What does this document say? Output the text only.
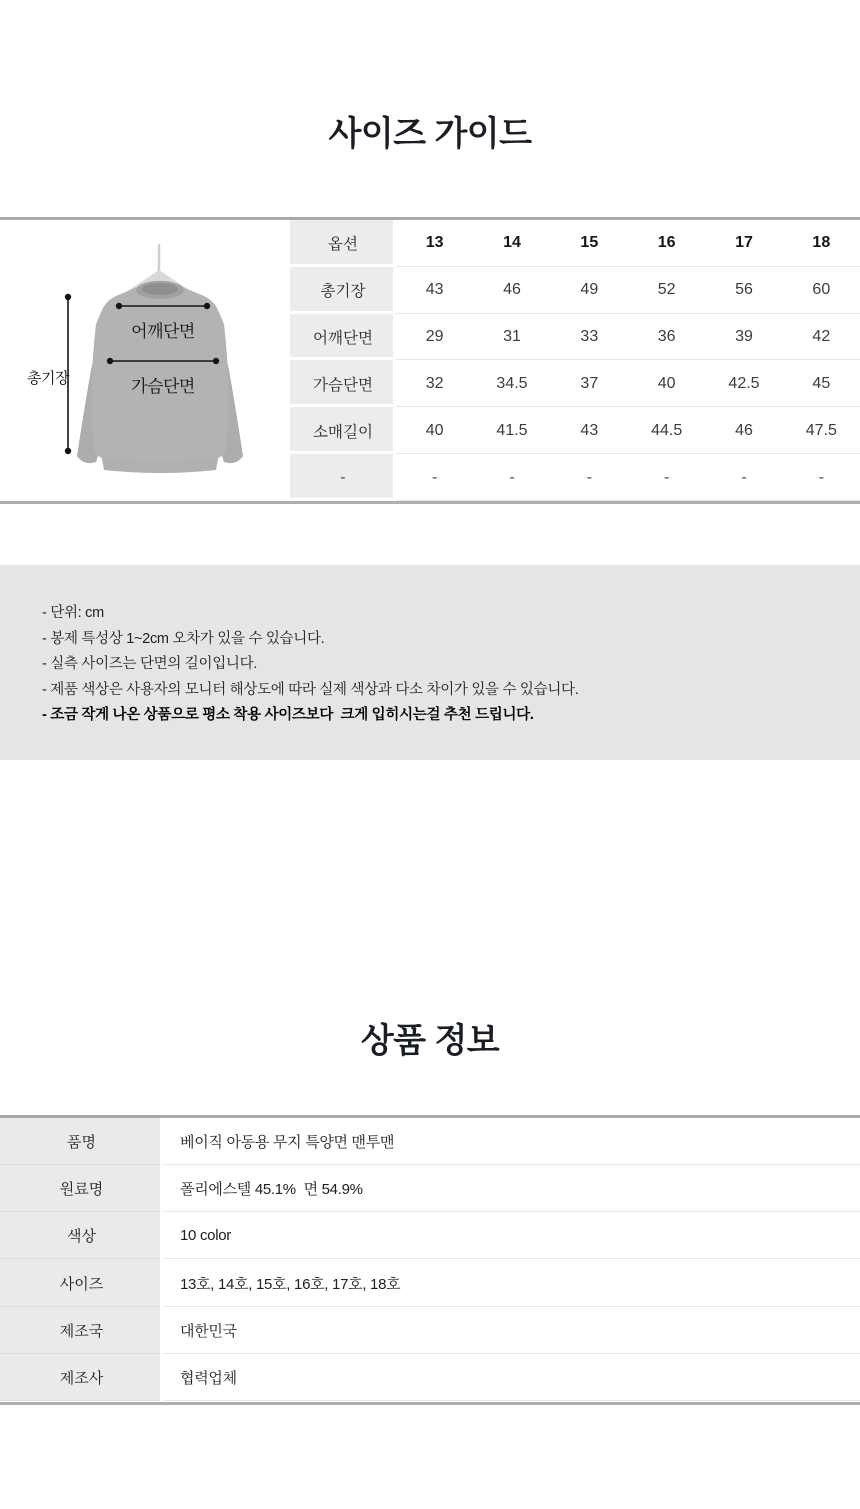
사이즈 가이드
총기장
어깨단면
가슴단면
옵션	13	14	15	16	17	18
총기장	43	46	49	52	56	60
어깨단면	29	31	33	36	39	42
가슴단면	32	34.5	37	40	42.5	45
소매길이	40	41.5	43	44.5	46	47.5
-	-	-	-	-	-	-
- 단위: cm
- 봉제 특성상 1~2cm 오차가 있을 수 있습니다.
- 실측 사이즈는 단면의 길이입니다.
- 제품 색상은 사용자의 모니터 해상도에 따라 실제 색상과 다소 차이가 있을 수 있습니다.
- 조금 작게 나온 상품으로 평소 착용 사이즈보다  크게 입히시는걸 추천 드립니다.
상품 정보
품명	베이직 아동용 무지 특양면 맨투맨
원료명	폴리에스텔 45.1%  면 54.9%
색상	10 color
사이즈	13호, 14호, 15호, 16호, 17호, 18호
제조국	대한민국
제조사	협력업체
